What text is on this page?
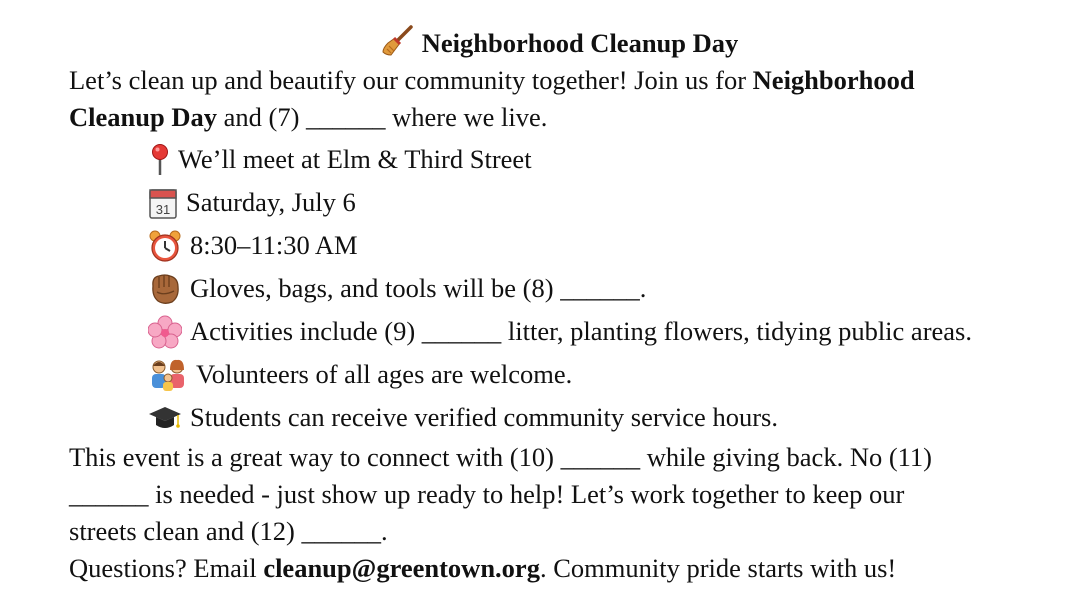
Neighborhood Cleanup Day
Let’s clean up and beautify our community together! Join us for Neighborhood
Cleanup Day and (7) ______ where we live.
We’ll meet at Elm & Third Street
31 Saturday, July 6
8:30–11:30 AM
Gloves, bags, and tools will be (8) ______.
Activities include (9) ______ litter, planting flowers, tidying public areas.
Volunteers of all ages are welcome.
Students can receive verified community service hours.
This event is a great way to connect with (10) ______ while giving back. No (11)
______ is needed - just show up ready to help! Let’s work together to keep our
streets clean and (12) ______.
Questions? Email cleanup@greentown.org. Community pride starts with us!
